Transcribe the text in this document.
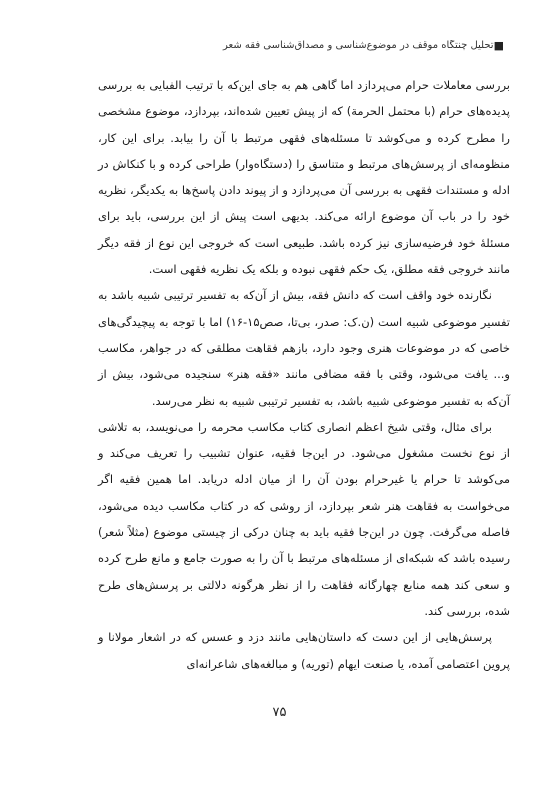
■
تحلیل چنتگاه موقف در موضوع‌شناسی و مصداق‌شناسی فقه شعر

بررسی معاملات حرام می‌پردازد اما گاهی هم به جای این‌که با ترتیب الفبایی به بررسی پدیده‌های حرام (با محتمل الحرمة) که از پیش تعیین شده‌اند، بپردازد، موضوع مشخصی را مطرح کرده و می‌کوشد تا مسئله‌های فقهی مرتبط با آن را بیابد. برای این کار، منظومه‌ای از پرسش‌های مرتبط و متناسق را (دستگاه‌وار) طراحی کرده و با کنکاش در ادله و مستندات فقهی به بررسی آن می‌پردازد و از پیوند دادن پاسخ‌ها به یکدیگر، نظریه خود را در باب آن موضوع ارائه می‌کند. بدیهی است پیش از این بررسی، باید برای مسئلهٔ خود فرضیه‌سازی نیز کرده باشد. طبیعی است که خروجی این نوع از فقه دیگر مانند خروجی فقه مطلق، یک حکم فقهی نبوده و بلکه یک نظریه فقهی است.

نگارنده خود واقف است که دانش فقه، بیش از آن‌که به تفسیر ترتیبی شبیه باشد به تفسیر موضوعی شبیه است (ن.ک: صدر، بی‌تا، صص۱۵-۱۶) اما با توجه به پیچیدگی‌های خاصی که در موضوعات هنری وجود دارد، بازهم فقاهت مطلقی که در جواهر، مکاسب و... یافت می‌شود، وقتی با فقه مضافی مانند «فقه هنر» سنجیده می‌شود، بیش از آن‌که به تفسیر موضوعی شبیه باشد، به تفسیر ترتیبی شبیه به نظر می‌رسد.

برای مثال، وقتی شیخ اعظم انصاری کتاب مکاسب محرمه را می‌نویسد، به تلاشی از نوع نخست مشغول می‌شود. در این‌جا فقیه، عنوان تشبیب را تعریف می‌کند و می‌کوشد تا حرام یا غیرحرام بودن آن را از میان ادله دریابد. اما همین فقیه اگر می‌خواست به فقاهت هنر شعر بپردازد، از روشی که در کتاب مکاسب دیده می‌شود، فاصله می‌گرفت. چون در این‌جا فقیه باید به چنان درکی از چیستی موضوع (مثلاً شعر) رسیده باشد که شبکه‌ای از مسئله‌های مرتبط با آن را به صورت جامع و مانع طرح کرده و سعی کند همه منابع چهارگانه فقاهت را از نظر هرگونه دلالتی بر پرسش‌های طرح شده، بررسی کند.

پرسش‌هایی از این دست که داستان‌هایی مانند دزد و عسس که در اشعار مولانا و پروین اعتصامی آمده، یا صنعت ایهام (توریه) و مبالغه‌های شاعرانه‌ای

۷۵
